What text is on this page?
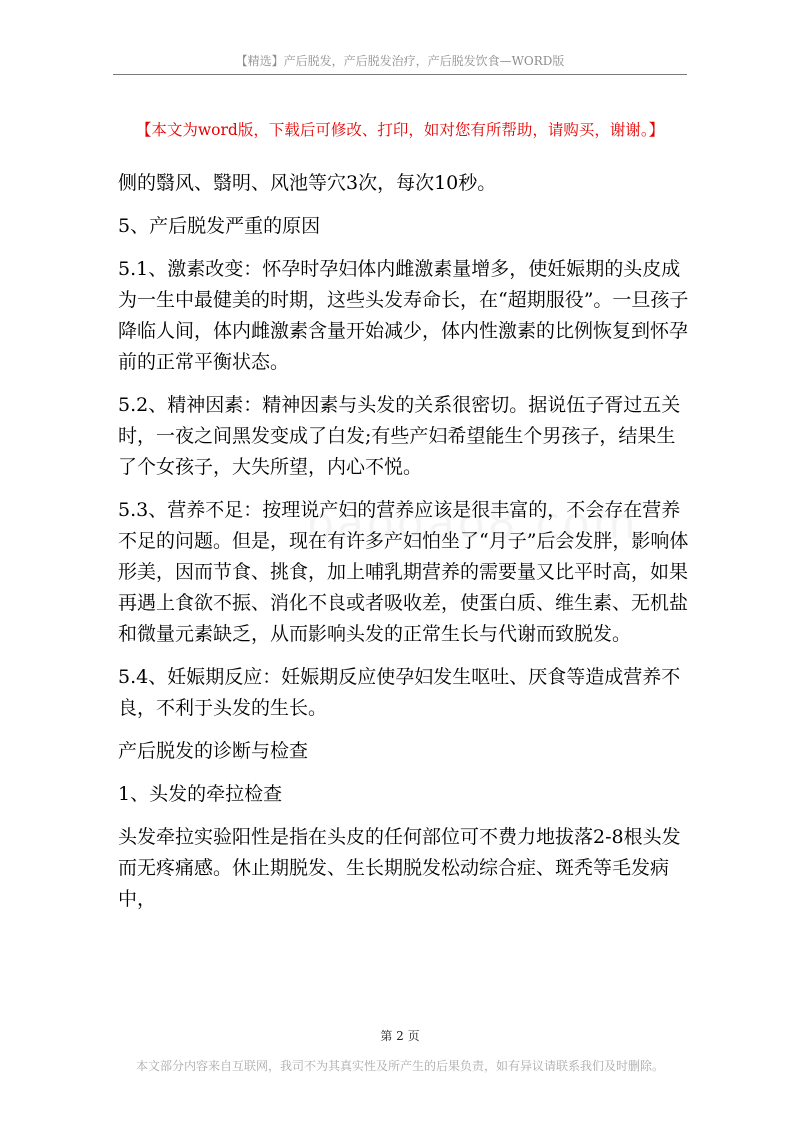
【精选】产后脱发，产后脱发治疗，产后脱发饮食—WORD版
【本文为word版，下载后可修改、打印，如对您有所帮助，请购买，谢谢。】

侧的翳风、翳明、风池等穴3次，每次10秒。

5、产后脱发严重的原因

5.1、激素改变：怀孕时孕妇体内雌激素量增多，使妊娠期的头皮成为一生中最健美的时期，这些头发寿命长，在“超期服役”。一旦孩子降临人间，体内雌激素含量开始减少，体内性激素的比例恢复到怀孕前的正常平衡状态。

5.2、精神因素：精神因素与头发的关系很密切。据说伍子胥过五关时，一夜之间黑发变成了白发;有些产妇希望能生个男孩子，结果生了个女孩子，大失所望，内心不悦。

5.3、营养不足：按理说产妇的营养应该是很丰富的，不会存在营养不足的问题。但是，现在有许多产妇怕坐了“月子”后会发胖，影响体形美，因而节食、挑食，加上哺乳期营养的需要量又比平时高，如果再遇上食欲不振、消化不良或者吸收差，使蛋白质、维生素、无机盐和微量元素缺乏，从而影响头发的正常生长与代谢而致脱发。

5.4、妊娠期反应：妊娠期反应使孕妇发生呕吐、厌食等造成营养不良，不利于头发的生长。

产后脱发的诊断与检查

1、头发的牵拉检查

头发牵拉实验阳性是指在头皮的任何部位可不费力地拔落2-8根头发而无疼痛感。休止期脱发、生长期脱发松动综合症、斑秃等毛发病中，

第 2 页
本文部分内容来自互联网，我司不为其真实性及所产生的后果负责，如有异议请联系我们及时删除。
